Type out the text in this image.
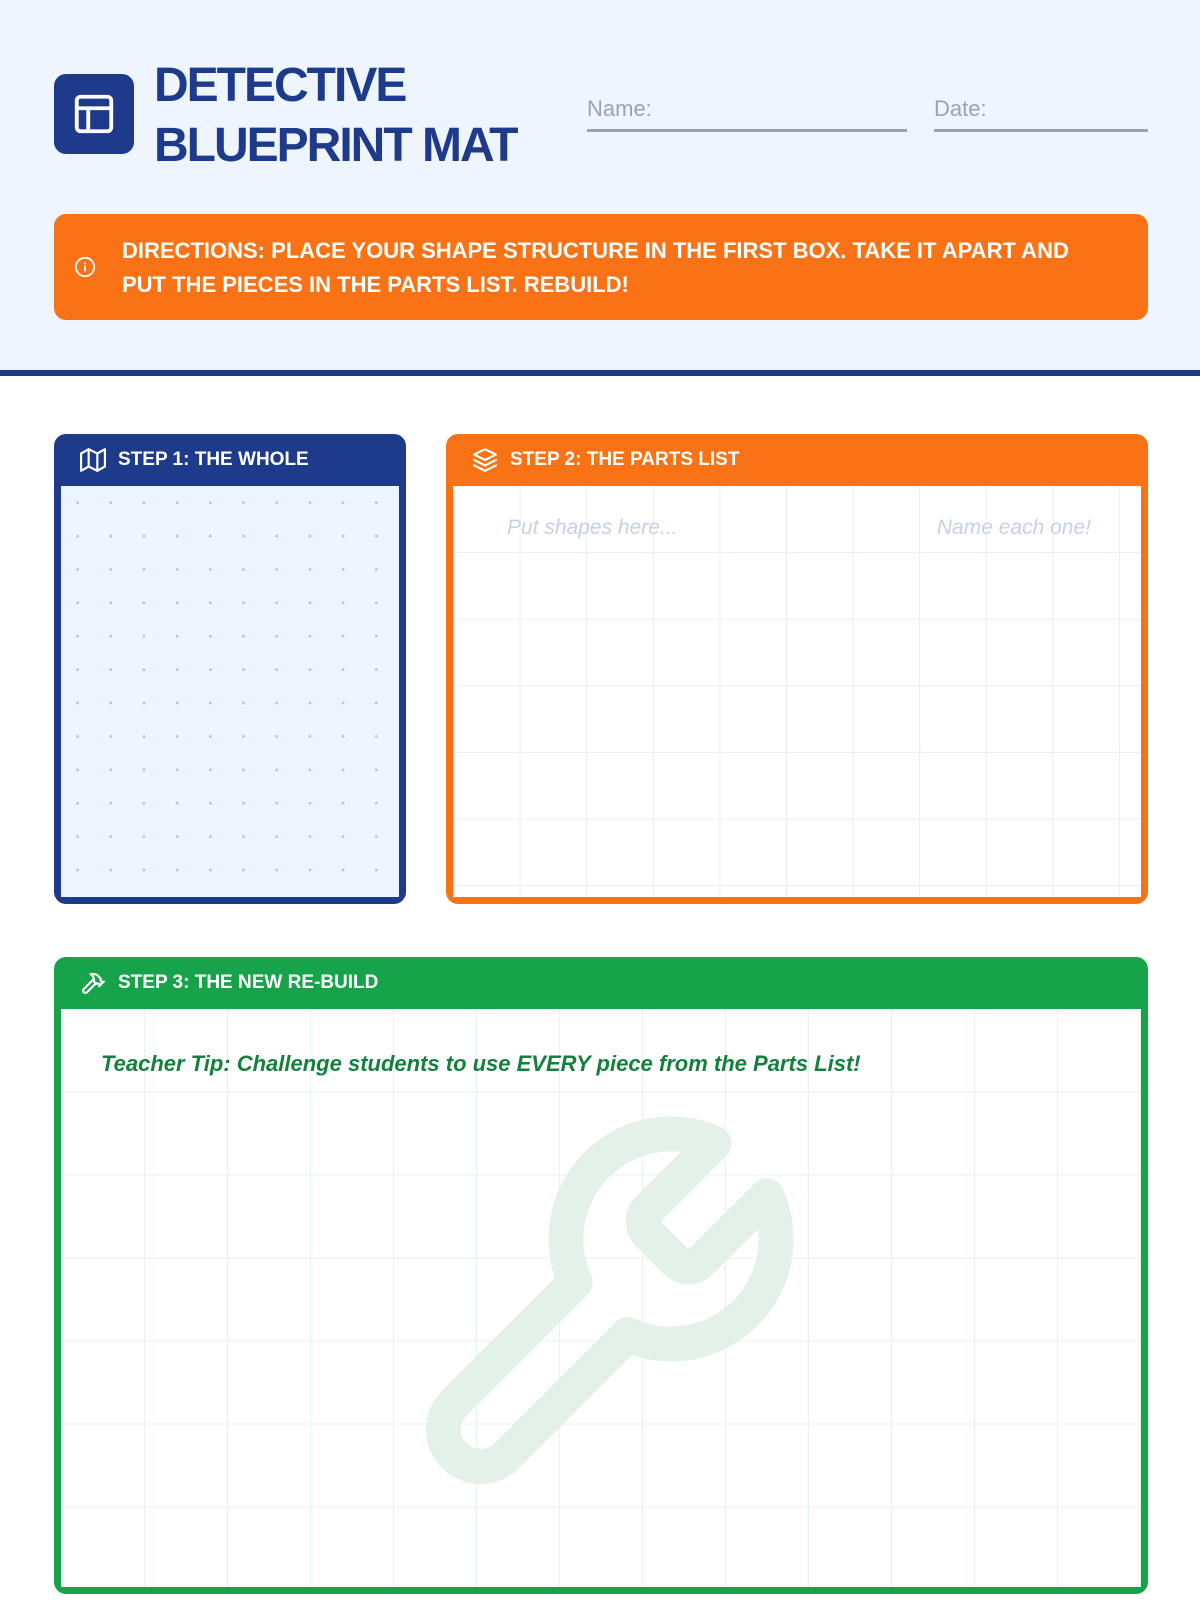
DETECTIVE
BLUEPRINT MAT
Name:	Date:
DIRECTIONS: PLACE YOUR SHAPE STRUCTURE IN THE FIRST BOX. TAKE IT APART AND PUT THE PIECES IN THE PARTS LIST. REBUILD!
STEP 1: THE WHOLE	STEP 2: THE PARTS LIST
Put shapes here...	Name each one!
STEP 3: THE NEW RE-BUILD
Teacher Tip: Challenge students to use EVERY piece from the Parts List!
